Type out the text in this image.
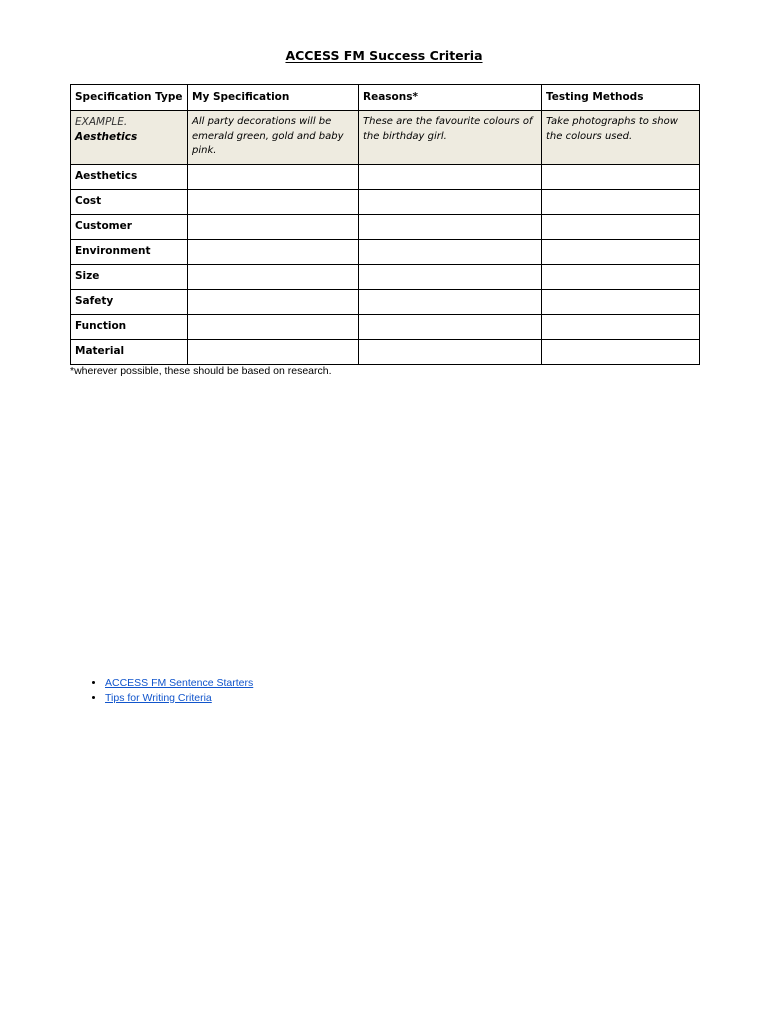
ACCESS FM Success Criteria
Specification Type	My Specification	Reasons*	Testing Methods

EXAMPLE.
Aesthetics	All party decorations will be emerald green, gold and baby pink.	These are the favourite colours of the birthday girl.	Take photographs to show the colours used.
Aesthetics			
Cost			
Customer			
Environment			
Size			
Safety			
Function			
Material			

*wherever possible, these should be based on research.

• ACCESS FM Sentence Starters
• Tips for Writing Criteria
